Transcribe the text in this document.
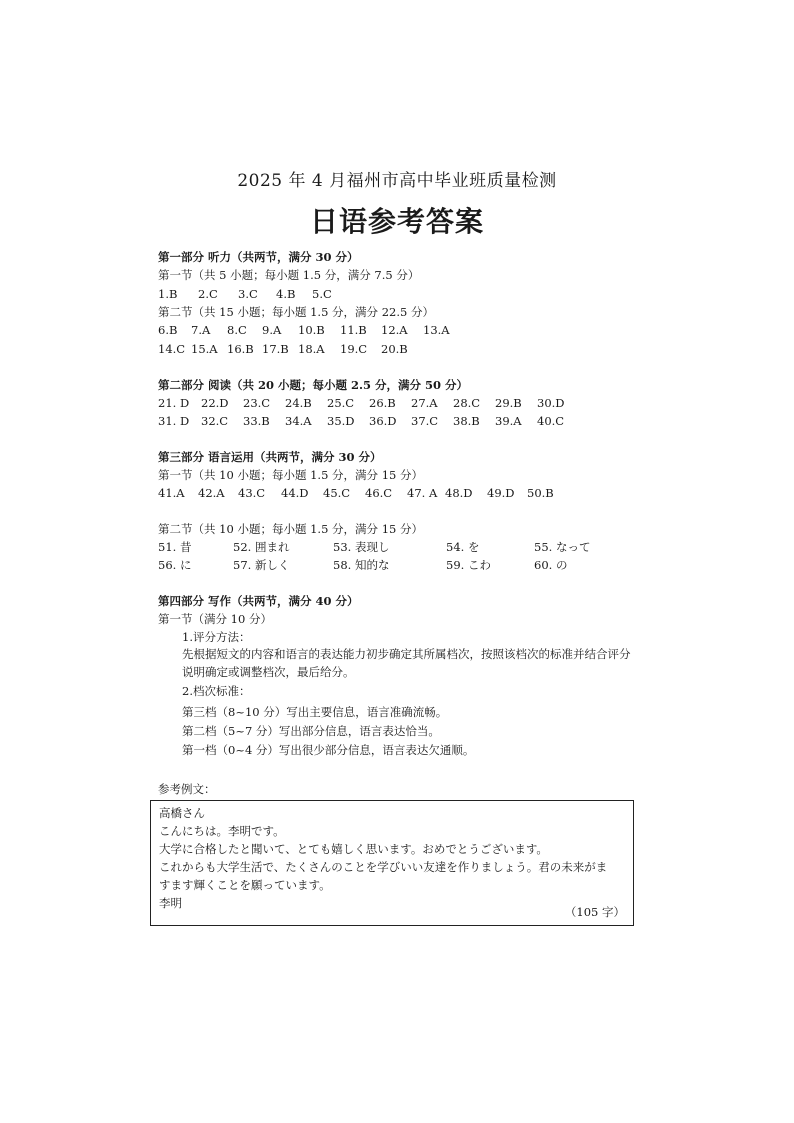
2025 年 4 月福州市高中毕业班质量检测
日语参考答案
第一部分 听力（共两节，满分 30 分）
第一节（共 5 小题；每小题 1.5 分，满分 7.5 分）
1.B 2.C 3.C 4.B 5.C
第二节（共 15 小题；每小题 1.5 分，满分 22.5 分）
6.B 7.A 8.C 9.A 10.B 11.B 12.A 13.A
14.C 15.A 16.B 17.B 18.A 19.C 20.B
第二部分 阅读（共 20 小题；每小题 2.5 分，满分 50 分）
21. D 22.D 23.C 24.B 25.C 26.B 27.A 28.C 29.B 30.D
31. D 32.C 33.B 34.A 35.D 36.D 37.C 38.B 39.A 40.C
第三部分 语言运用（共两节，满分 30 分）
第一节（共 10 小题；每小题 1.5 分，满分 15 分）
41.A 42.A 43.C 44.D 45.C 46.C 47. A 48.D 49.D 50.B
第二节（共 10 小题；每小题 1.5 分，满分 15 分）
51. 昔	52. 囲まれ	53. 表现し	54. を	55. なって
56. に	57. 新しく	58. 知的な	59. こわ	60. の
第四部分 写作（共两节，满分 40 分）
第一节（满分 10 分）
1.评分方法：
先根据短文的内容和语言的表达能力初步确定其所属档次，按照该档次的标准并结合评分说明确定或调整档次，最后给分。
2.档次标准：
第三档（8~10 分）写出主要信息，语言准确流畅。
第二档（5~7 分）写出部分信息，语言表达恰当。
第一档（0~4 分）写出很少部分信息，语言表达欠通顺。
参考例文：
高橋さん
こんにちは。李明です。
大学に合格したと聞いて、とても嬉しく思います。おめでとうございます。
これからも大学生活で、たくさんのことを学びいい友達を作りましょう。君の未来がま
すます輝くことを願っています。
李明
（105 字）
